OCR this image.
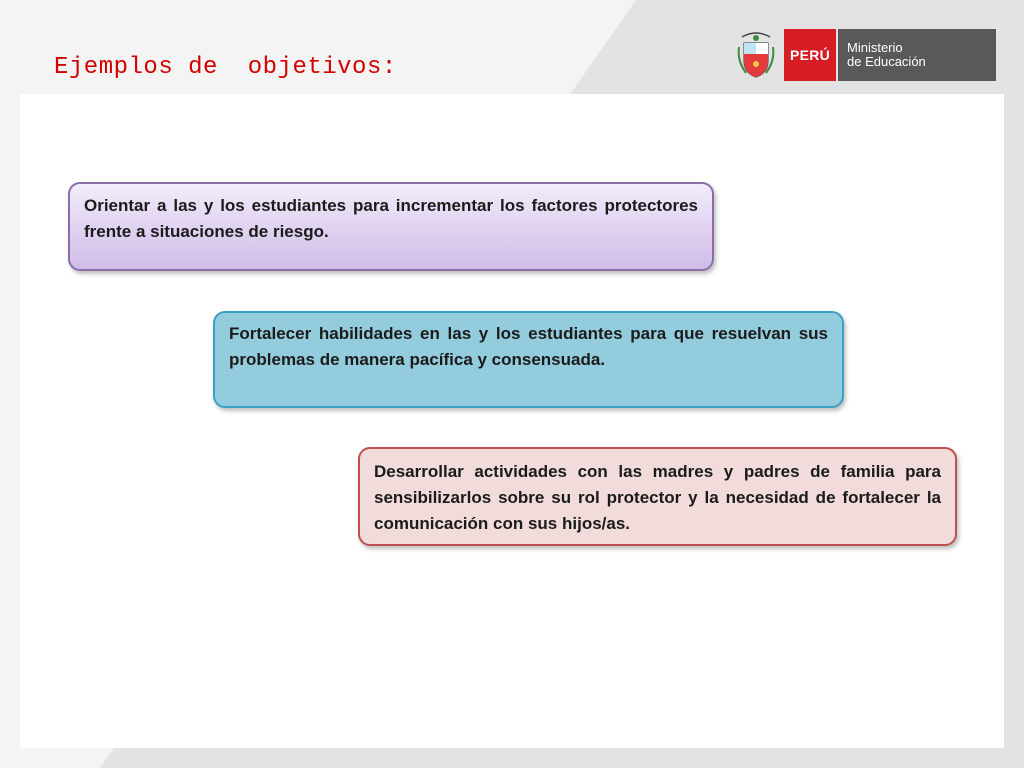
Ejemplos de  objetivos:	PERÚ	Ministerio
de Educación

Orientar a las y los estudiantes para incrementar los factores protectores frente a situaciones de riesgo.

Fortalecer habilidades en las y los estudiantes para que resuelvan sus problemas de manera pacífica y consensuada.

Desarrollar actividades con las madres y padres de familia para sensibilizarlos sobre su rol protector y la necesidad de fortalecer la comunicación con sus hijos/as.
